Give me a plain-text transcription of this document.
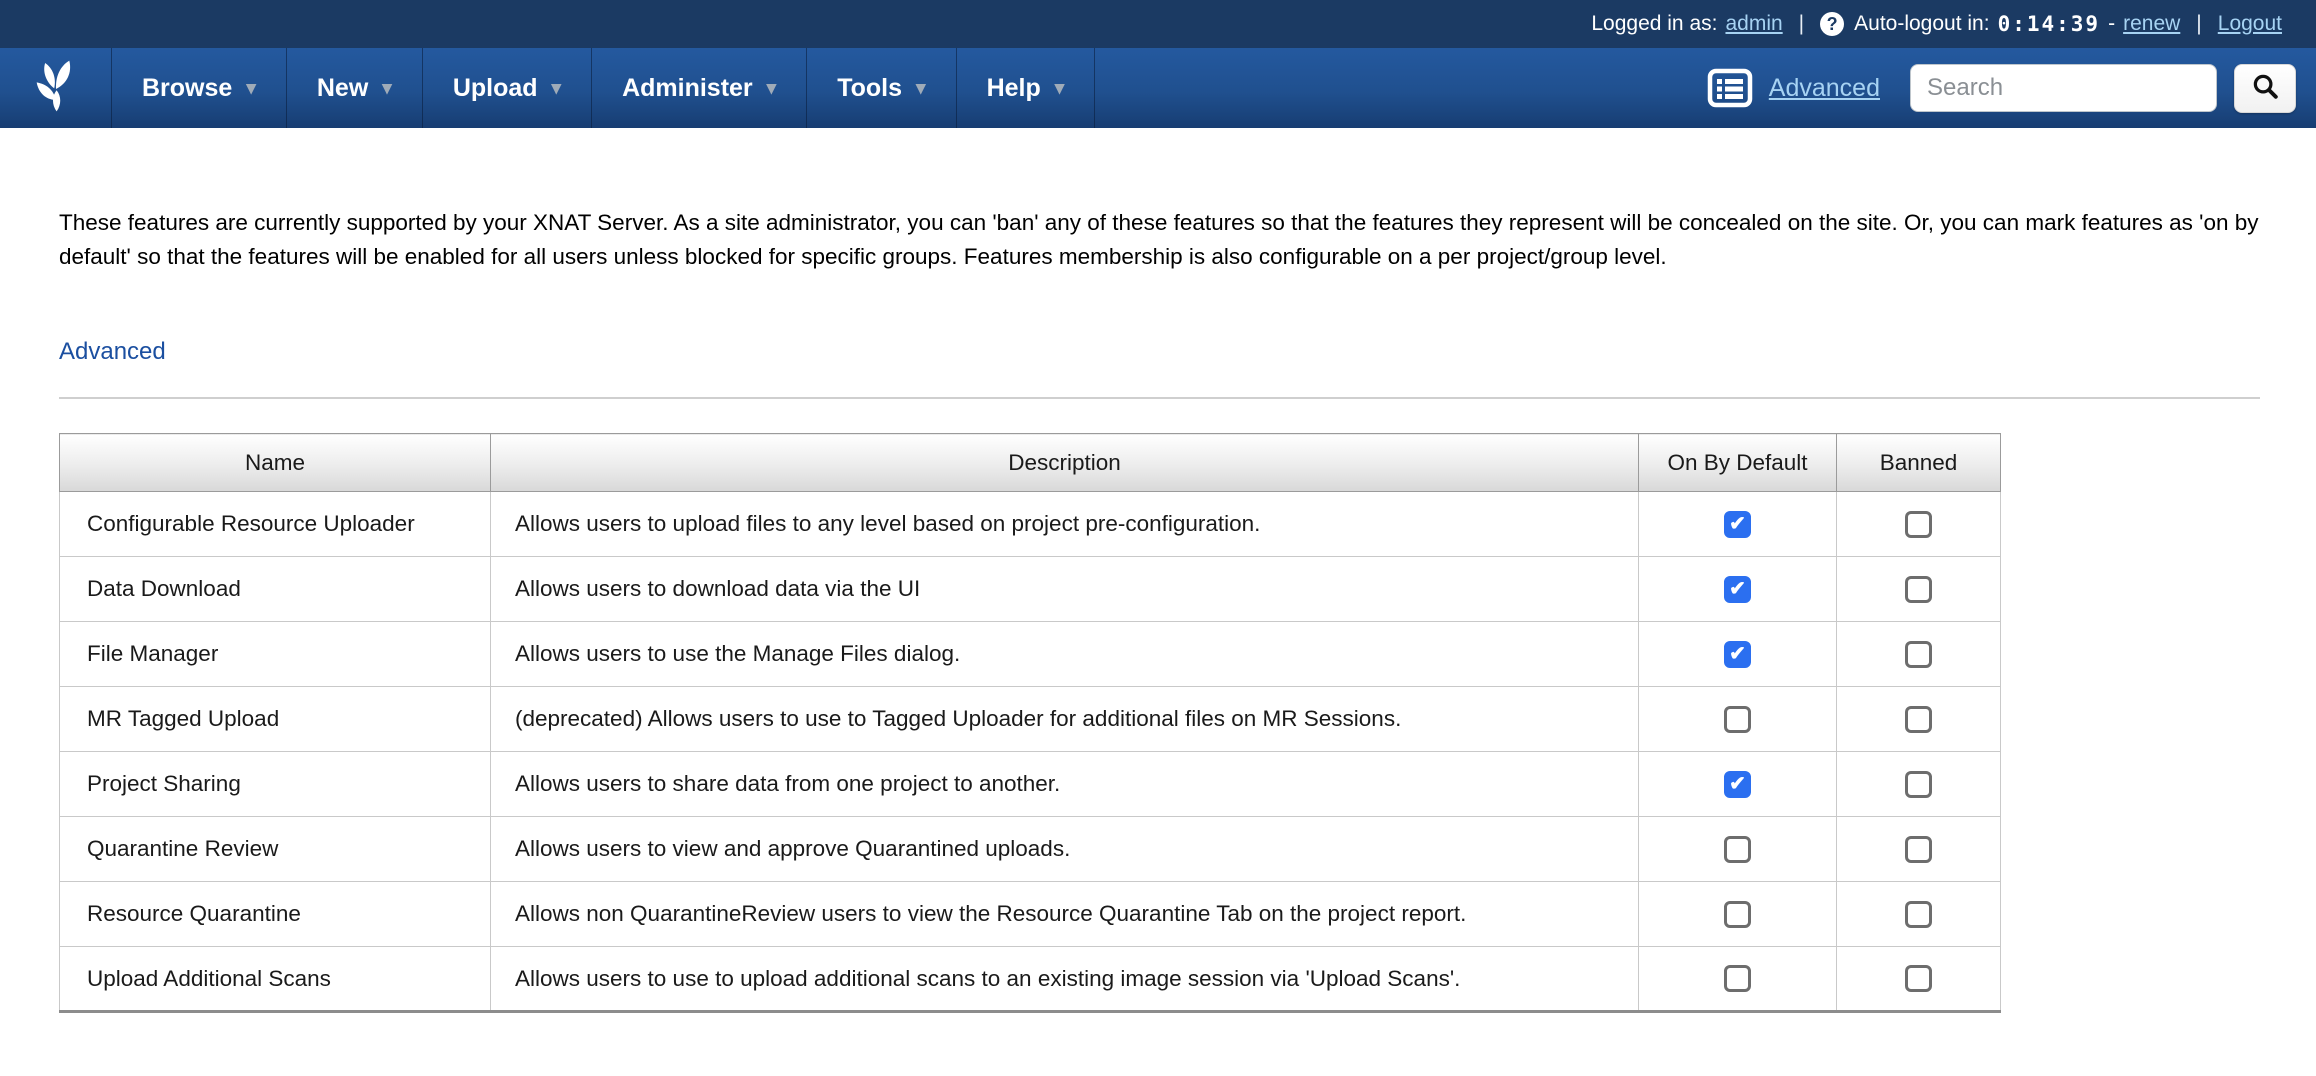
Logged in as: admin |	? Auto-logout in: 0:14:39 - renew | Logout
Browse ▾ New ▾ Upload ▾ Administer ▾ Tools ▾ Help ▾	Advanced
Search

These features are currently supported by your XNAT Server. As a site administrator, you can 'ban' any of these features so that the features they represent will be concealed on the site. Or, you can mark features as 'on by default' so that the features will be enabled for all users unless blocked for specific groups. Features membership is also configurable on a per project/group level.

Advanced
Name	Description	On By Default	Banned
Configurable Resource Uploader	Allows users to upload files to any level based on project pre-configuration.	✔	
Data Download	Allows users to download data via the UI	✔	
File Manager	Allows users to use the Manage Files dialog.	✔	
MR Tagged Upload	(deprecated) Allows users to use to Tagged Uploader for additional files on MR Sessions.		
Project Sharing	Allows users to share data from one project to another.	✔	
Quarantine Review	Allows users to view and approve Quarantined uploads.		
Resource Quarantine	Allows non QuarantineReview users to view the Resource Quarantine Tab on the project report.		
Upload Additional Scans	Allows users to use to upload additional scans to an existing image session via 'Upload Scans'.		
